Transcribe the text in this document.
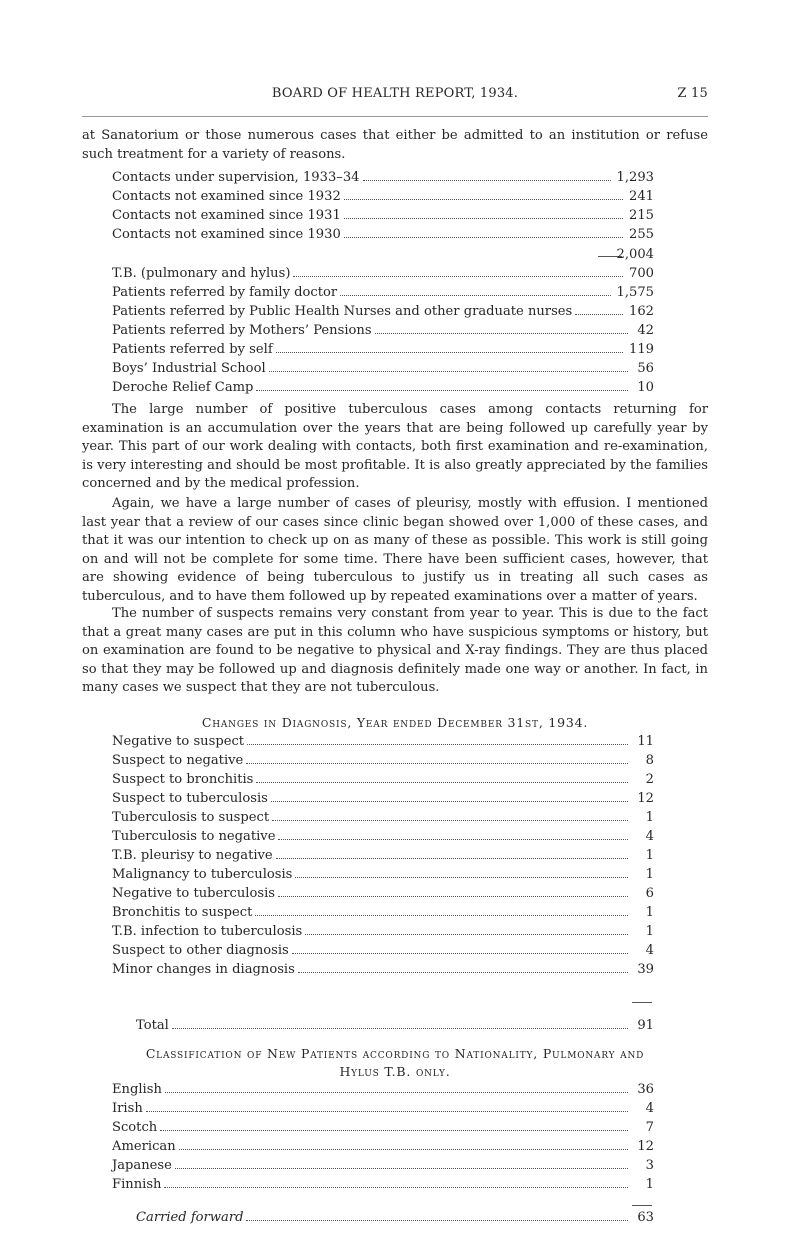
BOARD OF HEALTH REPORT, 1934.	Z 15
at Sanatorium or those numerous cases that either be admitted to an institution or refuse such treatment for a variety of reasons.
Contacts under supervision, 1933–34	1,293
Contacts not examined since 1932	241
Contacts not examined since 1931	215
Contacts not examined since 1930	255
2,004
T.B. (pulmonary and hylus)	700
Patients referred by family doctor	1,575
Patients referred by Public Health Nurses and other graduate nurses	162
Patients referred by Mothers’ Pensions	42
Patients referred by self	119
Boys’ Industrial School	56
Deroche Relief Camp	10
The large number of positive tuberculous cases among contacts returning for examination is an accumulation over the years that are being followed up carefully year by year. This part of our work dealing with contacts, both first examination and re-examination, is very interesting and should be most profitable. It is also greatly appreciated by the families concerned and by the medical profession.
Again, we have a large number of cases of pleurisy, mostly with effusion. I mentioned last year that a review of our cases since clinic began showed over 1,000 of these cases, and that it was our intention to check up on as many of these as possible. This work is still going on and will not be complete for some time. There have been sufficient cases, however, that are showing evidence of being tuberculous to justify us in treating all such cases as tuberculous, and to have them followed up by repeated examinations over a matter of years.
The number of suspects remains very constant from year to year. This is due to the fact that a great many cases are put in this column who have suspicious symptoms or history, but on examination are found to be negative to physical and X-ray findings. They are thus placed so that they may be followed up and diagnosis definitely made one way or another. In fact, in many cases we suspect that they are not tuberculous.
Changes in Diagnosis, Year ended December 31st, 1934.
Negative to suspect	11
Suspect to negative	8
Suspect to bronchitis	2
Suspect to tuberculosis	12
Tuberculosis to suspect	1
Tuberculosis to negative	4
T.B. pleurisy to negative	1
Malignancy to tuberculosis	1
Negative to tuberculosis	6
Bronchitis to suspect	1
T.B. infection to tuberculosis	1
Suspect to other diagnosis	4
Minor changes in diagnosis	39
Total	91
Classification of New Patients according to Nationality, Pulmonary and
Hylus T.B. only.
English	36
Irish	4
Scotch	7
American	12
Japanese	3
Finnish	1
Carried forward	63
